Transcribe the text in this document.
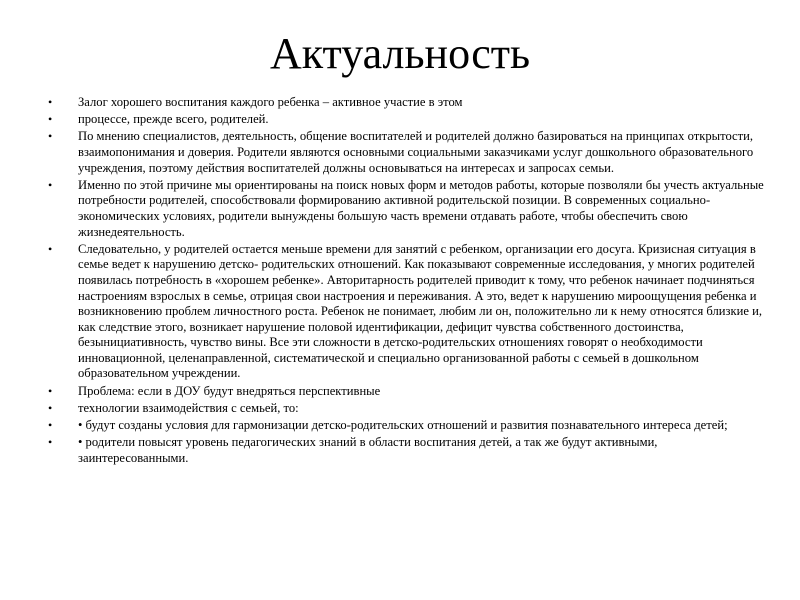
Актуальность
•	Залог хорошего воспитания каждого ребенка – активное участие в этом
•	процессе, прежде всего, родителей.
•	По мнению специалистов, деятельность, общение воспитателей и родителей должно базироваться на принципах открытости, взаимопонимания и доверия. Родители являются основными социальными заказчиками услуг дошкольного образовательного учреждения, поэтому действия воспитателей должны основываться на интересах и запросах семьи.
•	Именно по этой причине мы ориентированы на поиск новых форм и методов работы, которые позволяли бы учесть актуальные потребности родителей, способствовали формированию активной родительской позиции. В современных социально-экономических условиях, родители вынуждены большую часть времени отдавать работе, чтобы обеспечить свою жизнедеятельность.
•	Следовательно, у родителей остается меньше времени для занятий с ребенком, организации его досуга. Кризисная ситуация в семье ведет к нарушению детско- родительских отношений. Как показывают современные исследования, у многих родителей появилась потребность в «хорошем ребенке». Авторитарность родителей приводит к тому, что ребенок начинает подчиняться настроениям взрослых в семье, отрицая свои настроения и переживания. А это, ведет к нарушению мироощущения ребенка и возникновению проблем личностного роста. Ребенок не понимает, любим ли он, положительно ли к нему относятся близкие и, как следствие этого, возникает нарушение половой идентификации, дефицит чувства собственного достоинства, безынициативность, чувство вины. Все эти сложности в детско-родительских отношениях говорят о необходимости инновационной, целенаправленной, систематической и специально организованной работы с семьей в дошкольном образовательном учреждении.
•	Проблема: если в ДОУ будут внедряться перспективные
•	технологии взаимодействия с семьей, то:
•	• будут созданы условия для гармонизации детско-родительских отношений и развития познавательного интереса детей;
•	• родители повысят уровень педагогических знаний в области воспитания детей, а так же будут активными, заинтересованными.
